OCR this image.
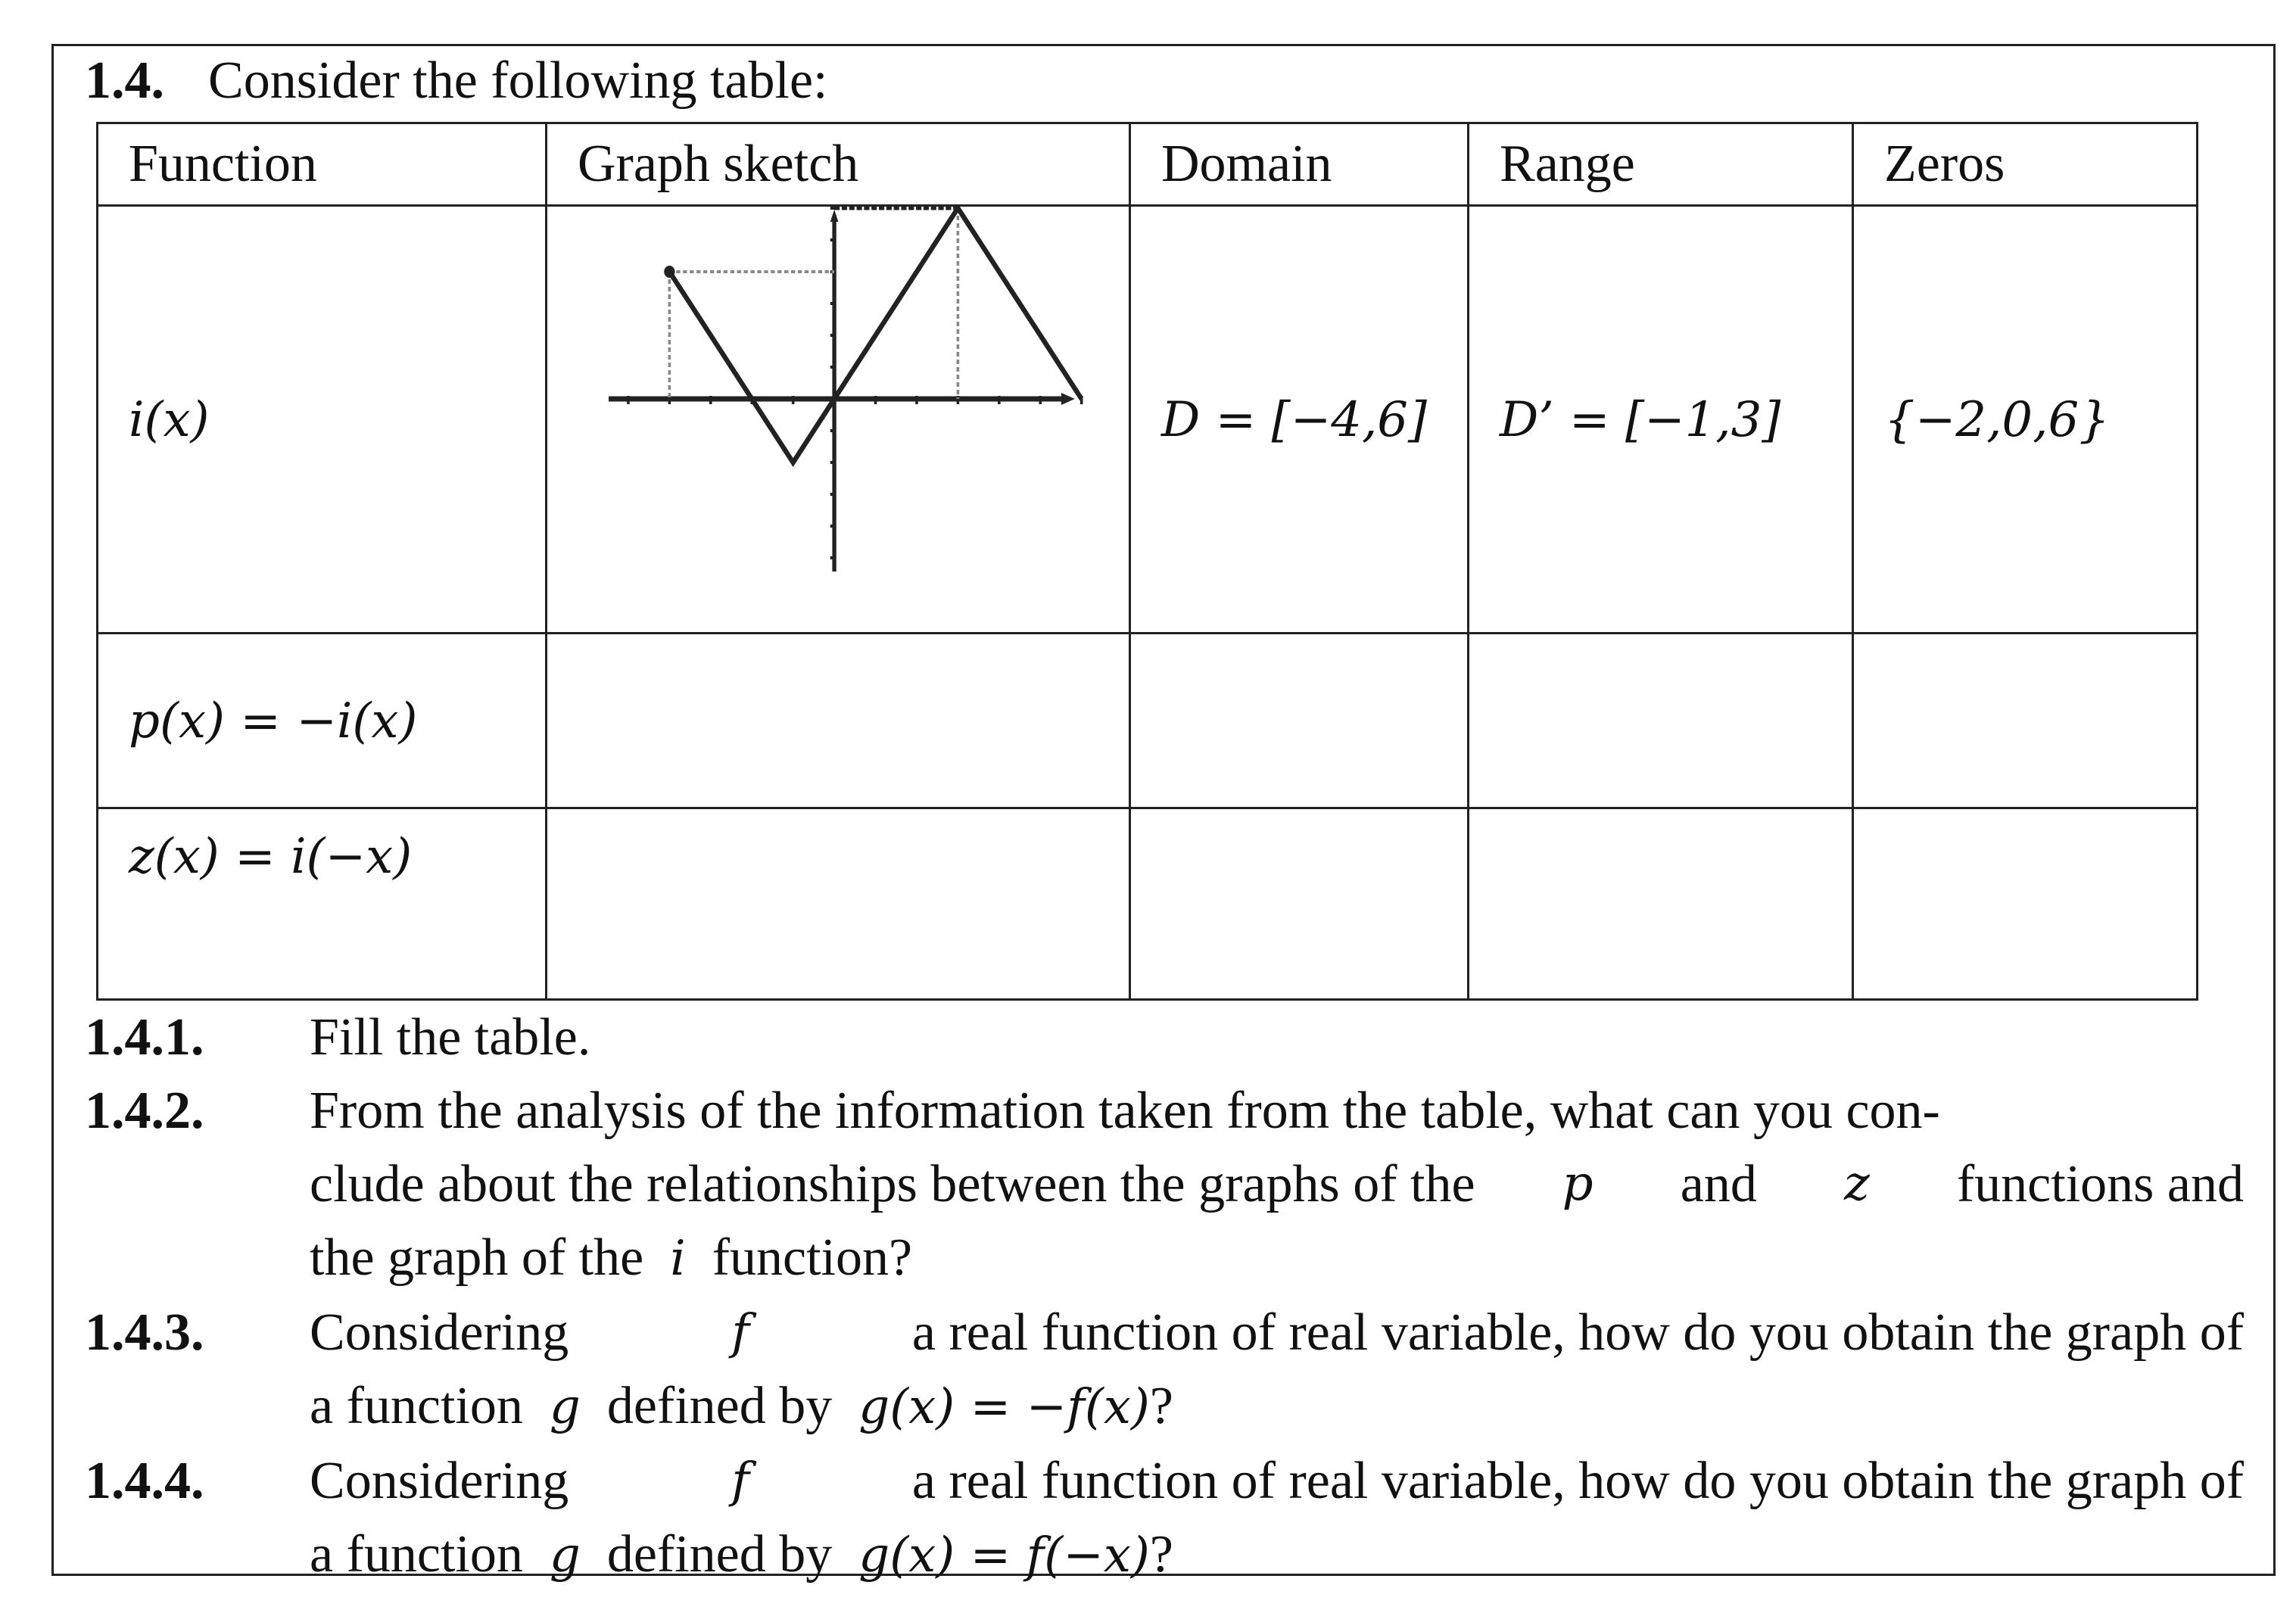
1.4. Consider the following table:
Function	Graph sketch	Domain	Range	Zeros
i(x)		D = [−4,6]	D’ = [−1,3]	{−2,0,6}
p(x) = −i(x)				
z(x) = i(−x)				
1.4.1.	Fill the table.
1.4.2.	From the analysis of the information taken from the table, what can you con-
clude about the relationships between the graphs of the p and z functions and
the graph of the i function?
1.4.3.	Considering	f	a real function of real variable, how do you obtain the graph of
a function g defined by g(x) = −f(x)?
1.4.4.	Considering	f	a real function of real variable, how do you obtain the graph of
a function g defined by g(x) = f(−x)?
